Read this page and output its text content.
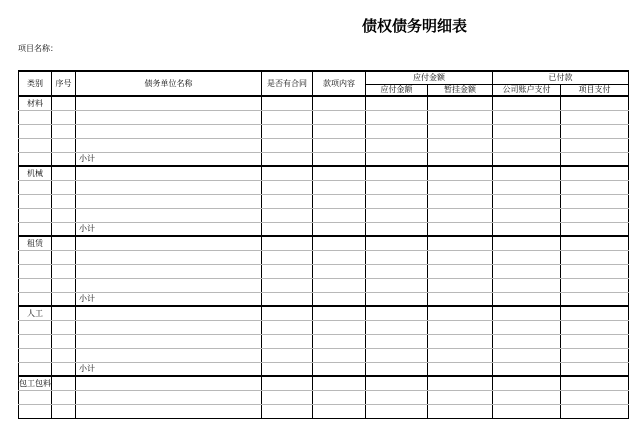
债权债务明细表
项目名称：
类别	序号	债务单位名称	是否有合同	款项内容	应付金额		已付款	
					应付金额	暂挂金额	公司账户支付	项目支付
材料								

		小计						
机械								

		小计						
租赁								

		小计						
人工								

		小计						
包工包料								
